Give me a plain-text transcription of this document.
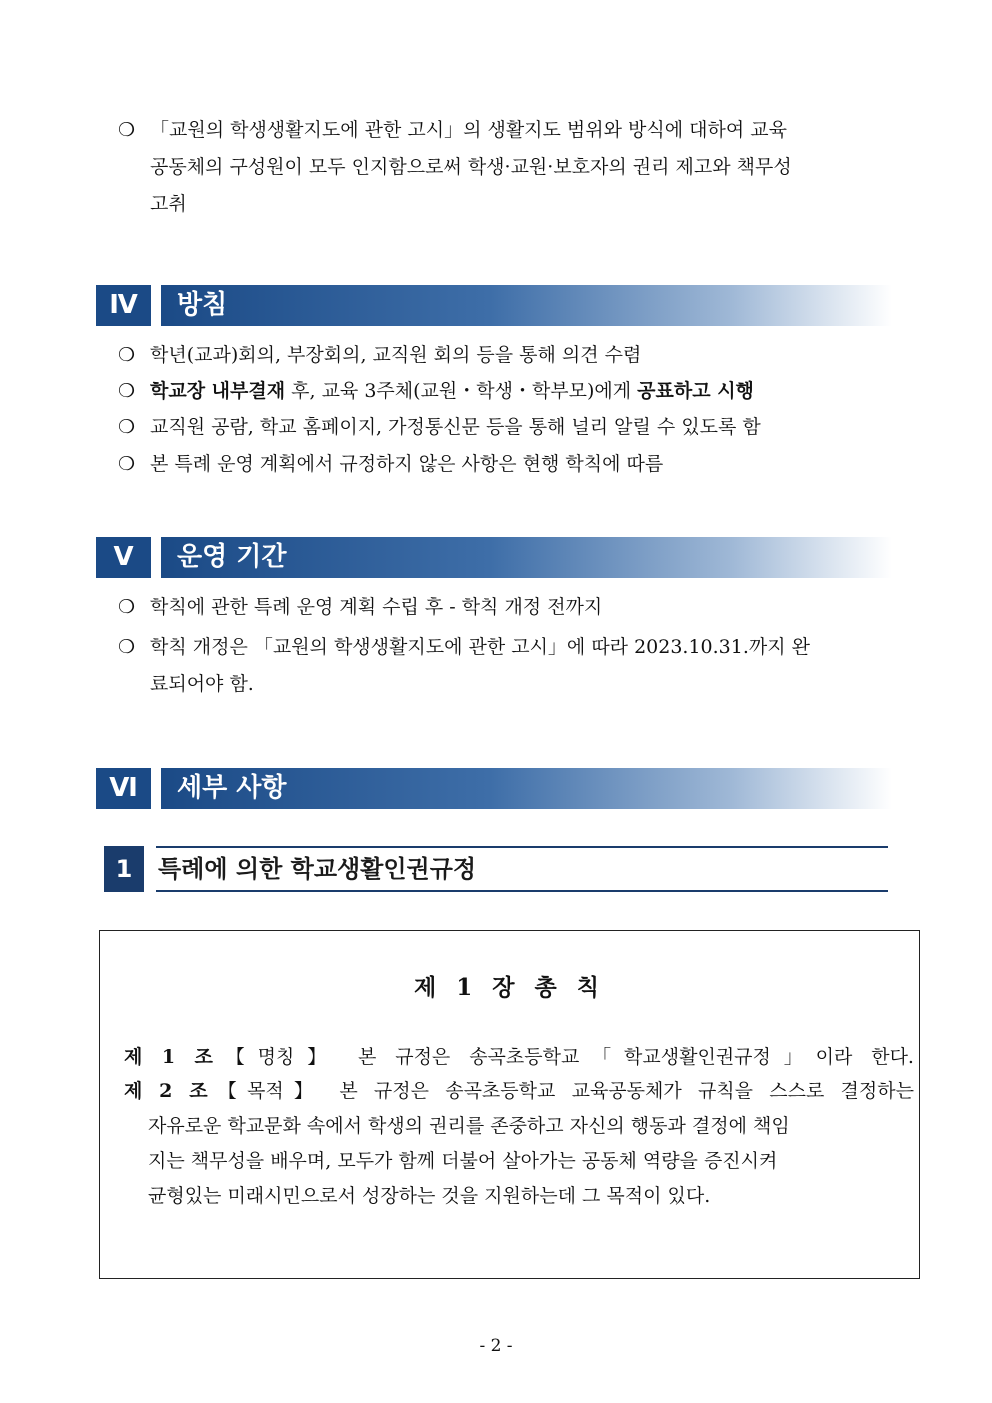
❍ 「교원의 학생생활지도에 관한 고시」의 생활지도 범위와 방식에 대하여 교육
공동체의 구성원이 모두 인지함으로써 학생·교원·보호자의 권리 제고와 책무성
고취
Ⅳ	방침
❍ 학년(교과)회의, 부장회의, 교직원 회의 등을 통해 의견 수렴
❍ 학교장 내부결재 후, 교육 3주체(교원・학생・학부모)에게 공표하고 시행
❍ 교직원 공람, 학교 홈페이지, 가정통신문 등을 통해 널리 알릴 수 있도록 함
❍ 본 특례 운영 계획에서 규정하지 않은 사항은 현행 학칙에 따름
Ⅴ	운영 기간
❍ 학칙에 관한 특례 운영 계획 수립 후 - 학칙 개정 전까지
❍ 학칙 개정은 「교원의 학생생활지도에 관한 고시」에 따라 2023.10.31.까지 완
료되어야 함.
Ⅵ	세부 사항
1	특례에 의한 학교생활인권규정
제 1 장 총 칙
제 1 조【명칭】 본 규정은 송곡초등학교「학교생활인권규정」이라 한다.
제 2 조【목적】 본 규정은 송곡초등학교 교육공동체가 규칙을 스스로 결정하는
자유로운 학교문화 속에서 학생의 권리를 존중하고 자신의 행동과 결정에 책임
지는 책무성을 배우며, 모두가 함께 더불어 살아가는 공동체 역량을 증진시켜
균형있는 미래시민으로서 성장하는 것을 지원하는데 그 목적이 있다.
- 2 -
